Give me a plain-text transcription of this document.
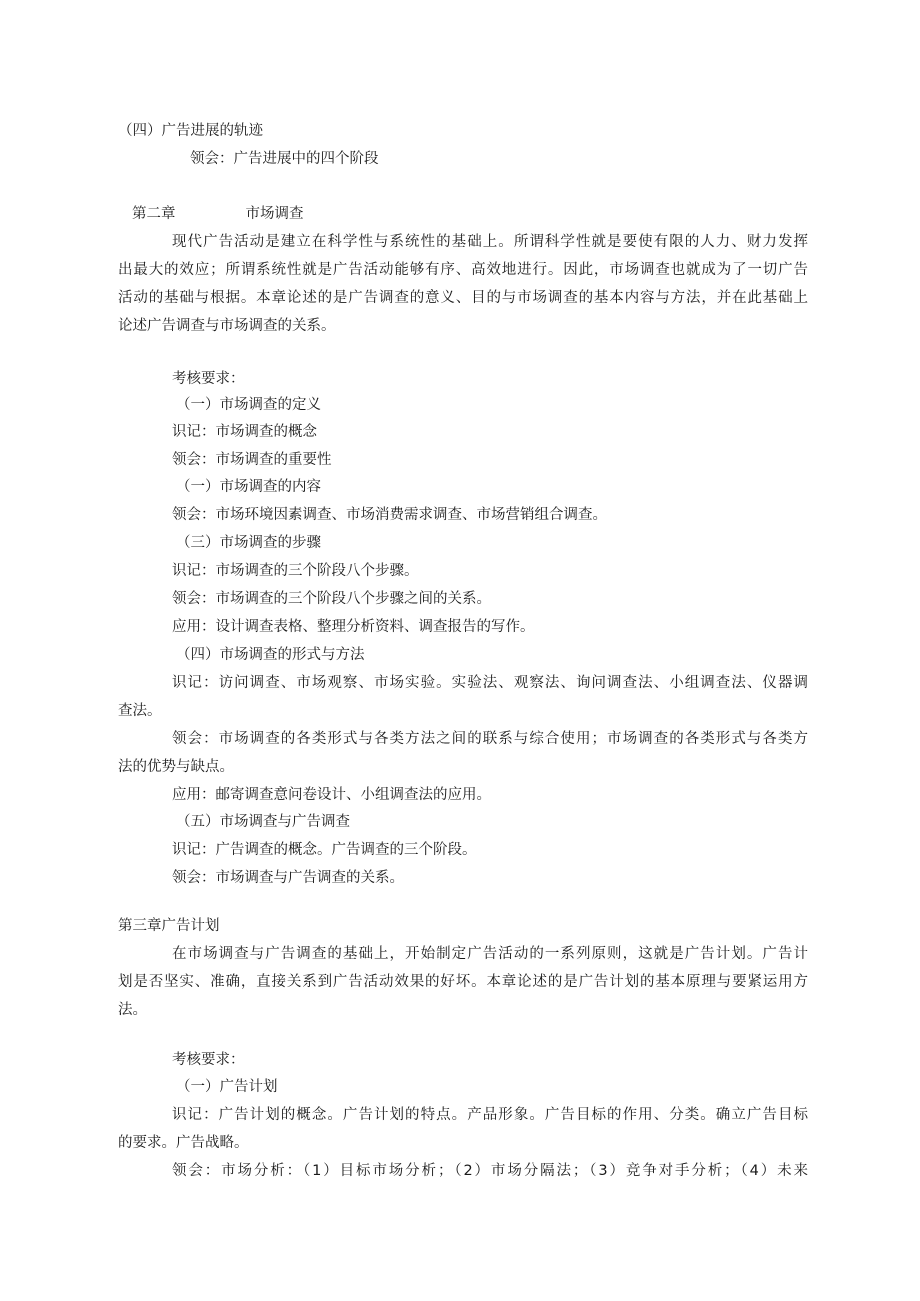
（四）广告进展的轨迹

领会：广告进展中的四个阶段

第二章	市场调查

现代广告活动是建立在科学性与系统性的基础上。所谓科学性就是要使有限的人力、财力发挥

出最大的效应；所谓系统性就是广告活动能够有序、高效地进行。因此，市场调查也就成为了一切广告

活动的基础与根据。本章论述的是广告调查的意义、目的与市场调查的基本内容与方法，并在此基础上

论述广告调查与市场调查的关系。

考核要求：

（一）市场调查的定义

识记：市场调查的概念

领会：市场调查的重要性

（一）市场调查的内容

领会：市场环境因素调查、市场消费需求调查、市场营销组合调查。

（三）市场调查的步骤

识记：市场调查的三个阶段八个步骤。

领会：市场调查的三个阶段八个步骤之间的关系。

应用：设计调查表格、整理分析资料、调查报告的写作。

（四）市场调查的形式与方法

识记：访问调查、市场观察、市场实验。实验法、观察法、询问调查法、小组调查法、仪器调

查法。

领会：市场调查的各类形式与各类方法之间的联系与综合使用；市场调查的各类形式与各类方

法的优势与缺点。

应用：邮寄调查意问卷设计、小组调查法的应用。

（五）市场调查与广告调查

识记：广告调查的概念。广告调查的三个阶段。

领会：市场调查与广告调查的关系。

第三章广告计划

在市场调查与广告调查的基础上，开始制定广告活动的一系列原则，这就是广告计划。广告计

划是否坚实、准确，直接关系到广告活动效果的好坏。本章论述的是广告计划的基本原理与要紧运用方

法。

考核要求：

（一）广告计划

识记：广告计划的概念。广告计划的特点。产品形象。广告目标的作用、分类。确立广告目标

的要求。广告战略。

领会：市场分析：（1）目标市场分析；（2）市场分隔法；（3）竞争对手分析；（4）未来
